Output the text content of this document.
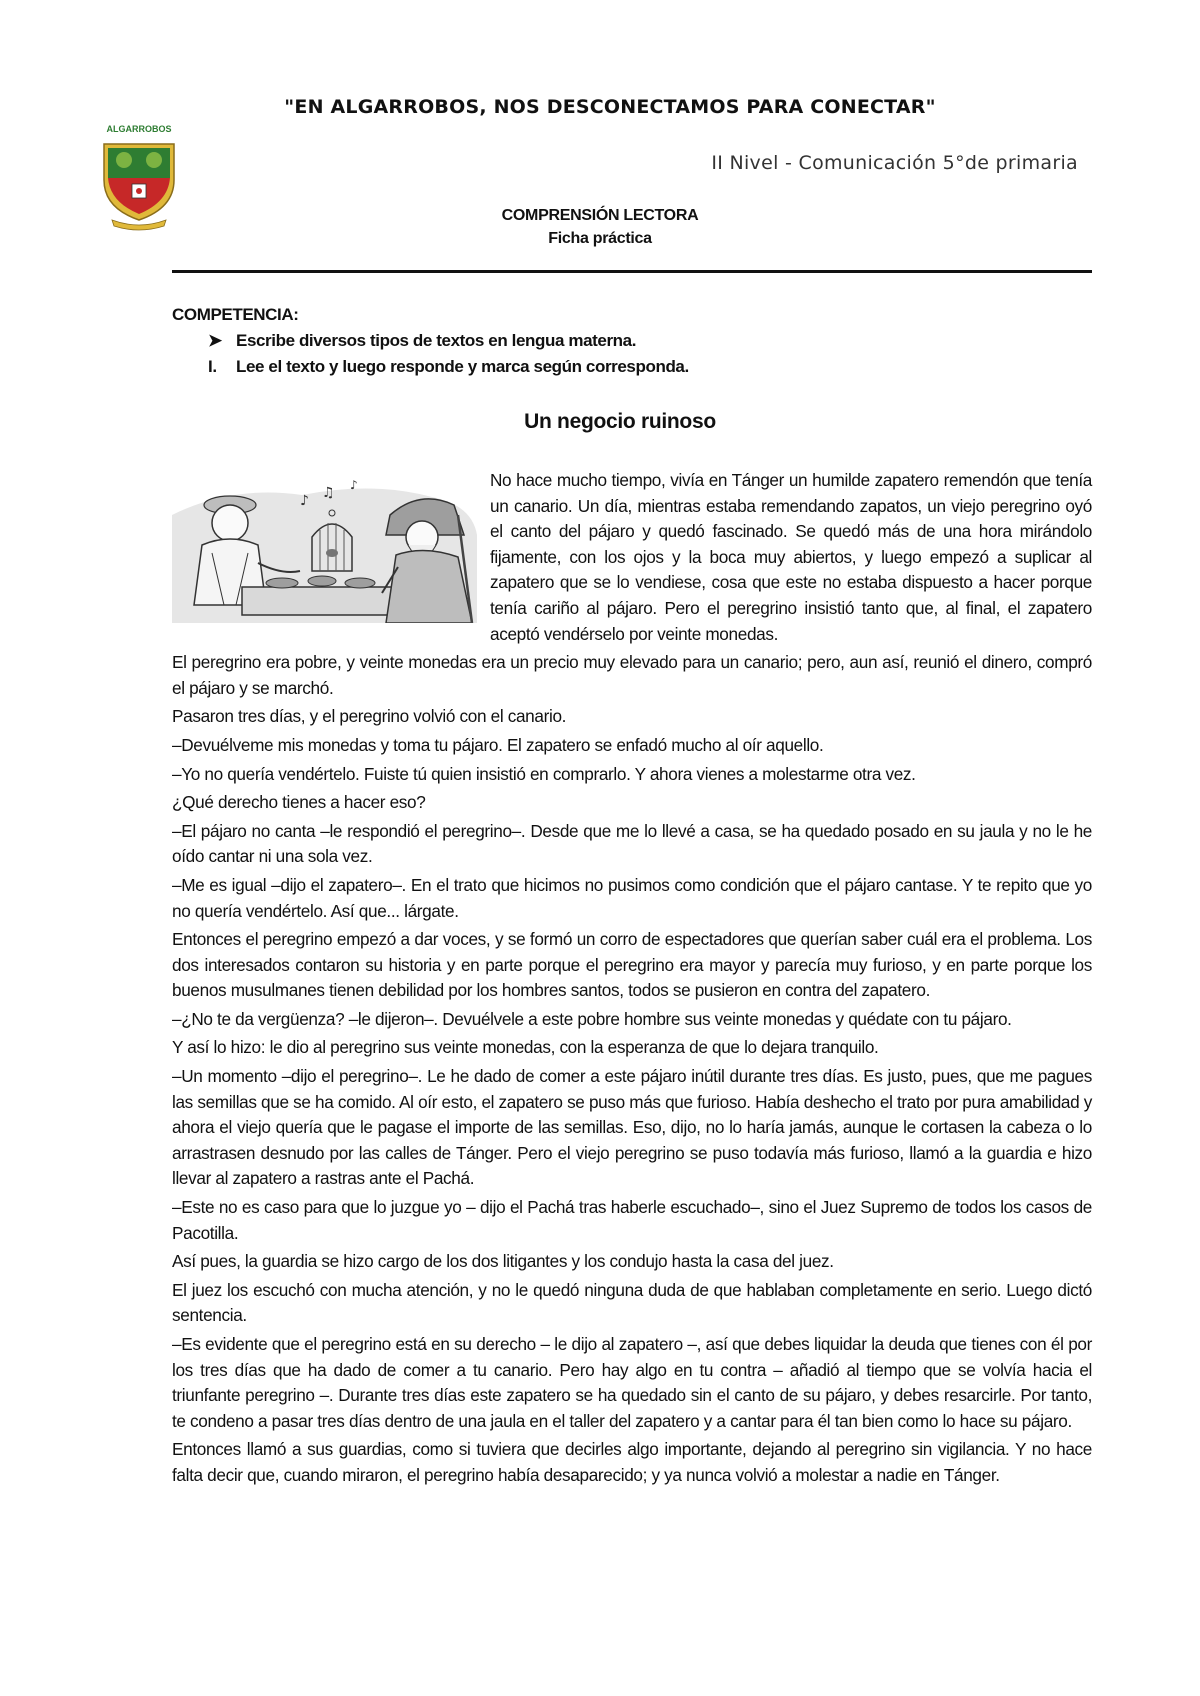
ALGARROBOS
"EN ALGARROBOS, NOS DESCONECTAMOS PARA CONECTAR"
II Nivel - Comunicación 5°de primaria
COMPRENSIÓN LECTORA
Ficha práctica
COMPETENCIA:
➤ Escribe diversos tipos de textos en lengua materna.
I.	Lee el texto y luego responde y marca según corresponda.
Un negocio ruinoso
♪ ♫ ♪	No hace mucho tiempo, vivía en Tánger un humilde zapatero remendón que tenía un canario. Un día, mientras estaba remendando zapatos, un viejo peregrino oyó el canto del pájaro y quedó fascinado. Se quedó más de una hora mirándolo fijamente, con los ojos y la boca muy abiertos, y luego empezó a suplicar al zapatero que se lo vendiese, cosa que este no estaba dispuesto a hacer porque tenía cariño al pájaro. Pero el peregrino insistió tanto que, al final, el zapatero aceptó vendérselo por veinte monedas.

El peregrino era pobre, y veinte monedas era un precio muy elevado para un canario; pero, aun así, reunió el dinero, compró el pájaro y se marchó.

Pasaron tres días, y el peregrino volvió con el canario.

–Devuélveme mis monedas y toma tu pájaro. El zapatero se enfadó mucho al oír aquello.

–Yo no quería vendértelo. Fuiste tú quien insistió en comprarlo. Y ahora vienes a molestarme otra vez.

¿Qué derecho tienes a hacer eso?

–El pájaro no canta –le respondió el peregrino–. Desde que me lo llevé a casa, se ha quedado posado en su jaula y no le he oído cantar ni una sola vez.

–Me es igual –dijo el zapatero–. En el trato que hicimos no pusimos como condición que el pájaro cantase. Y te repito que yo no quería vendértelo. Así que... lárgate.

Entonces el peregrino empezó a dar voces, y se formó un corro de espectadores que querían saber cuál era el problema. Los dos interesados contaron su historia y en parte porque el peregrino era mayor y parecía muy furioso, y en parte porque los buenos musulmanes tienen debilidad por los hombres santos, todos se pusieron en contra del zapatero.

–¿No te da vergüenza? –le dijeron–. Devuélvele a este pobre hombre sus veinte monedas y quédate con tu pájaro.

Y así lo hizo: le dio al peregrino sus veinte monedas, con la esperanza de que lo dejara tranquilo.

–Un momento –dijo el peregrino–. Le he dado de comer a este pájaro inútil durante tres días. Es justo, pues, que me pagues las semillas que se ha comido. Al oír esto, el zapatero se puso más que furioso. Había deshecho el trato por pura amabilidad y ahora el viejo quería que le pagase el importe de las semillas. Eso, dijo, no lo haría jamás, aunque le cortasen la cabeza o lo arrastrasen desnudo por las calles de Tánger. Pero el viejo peregrino se puso todavía más furioso, llamó a la guardia e hizo llevar al zapatero a rastras ante el Pachá.

–Este no es caso para que lo juzgue yo – dijo el Pachá tras haberle escuchado–, sino el Juez Supremo de todos los casos de Pacotilla.

Así pues, la guardia se hizo cargo de los dos litigantes y los condujo hasta la casa del juez.

El juez los escuchó con mucha atención, y no le quedó ninguna duda de que hablaban completamente en serio. Luego dictó sentencia.

–Es evidente que el peregrino está en su derecho – le dijo al zapatero –, así que debes liquidar la deuda que tienes con él por los tres días que ha dado de comer a tu canario. Pero hay algo en tu contra – añadió al tiempo que se volvía hacia el triunfante peregrino –. Durante tres días este zapatero se ha quedado sin el canto de su pájaro, y debes resarcirle. Por tanto, te condeno a pasar tres días dentro de una jaula en el taller del zapatero y a cantar para él tan bien como lo hace su pájaro.

Entonces llamó a sus guardias, como si tuviera que decirles algo importante, dejando al peregrino sin vigilancia. Y no hace falta decir que, cuando miraron, el peregrino había desaparecido; y ya nunca volvió a molestar a nadie en Tánger.
